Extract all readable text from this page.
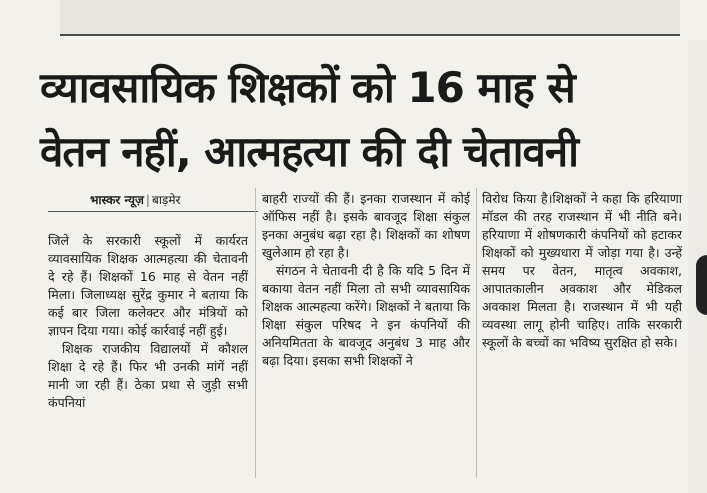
व्यावसायिक शिक्षकों को 16 माह से
वेतन नहीं, आत्महत्या की दी चेतावनी
भास्कर न्यूज़ | बाड़मेर

जिले के सरकारी स्कूलों में कार्यरत व्यावसायिक शिक्षक आत्महत्या की चेतावनी दे रहे हैं। शिक्षकों 16 माह से वेतन नहीं मिला। जिलाध्यक्ष सुरेंद्र कुमार ने बताया कि कई बार जिला कलेक्टर और मंत्रियों को ज्ञापन दिया गया। कोई कार्रवाई नहीं हुई।

शिक्षक राजकीय विद्यालयों में कौशल शिक्षा दे रहे हैं। फिर भी उनकी मांगें नहीं मानी जा रही हैं। ठेका प्रथा से जुड़ी सभी कंपनियां

बाहरी राज्यों की हैं। इनका राजस्थान में कोई ऑफिस नहीं है। इसके बावजूद शिक्षा संकुल इनका अनुबंध बढ़ा रहा है। शिक्षकों का शोषण खुलेआम हो रहा है।

संगठन ने चेतावनी दी है कि यदि 5 दिन में बकाया वेतन नहीं मिला तो सभी व्यावसायिक शिक्षक आत्महत्या करेंगे। शिक्षकों ने बताया कि शिक्षा संकुल परिषद ने इन कंपनियों की अनियमितता के बावजूद अनुबंध 3 माह और बढ़ा दिया। इसका सभी शिक्षकों ने

विरोध किया है।शिक्षकों ने कहा कि हरियाणा मॉडल की तरह राजस्थान में भी नीति बने। हरियाणा में शोषणकारी कंपनियों को हटाकर शिक्षकों को मुख्यधारा में जोड़ा गया है। उन्हें समय पर वेतन, मातृत्व अवकाश, आपातकालीन अवकाश और मेडिकल अवकाश मिलता है। राजस्थान में भी यही व्यवस्था लागू होनी चाहिए। ताकि सरकारी स्कूलों के बच्चों का भविष्य सुरक्षित हो सके।
